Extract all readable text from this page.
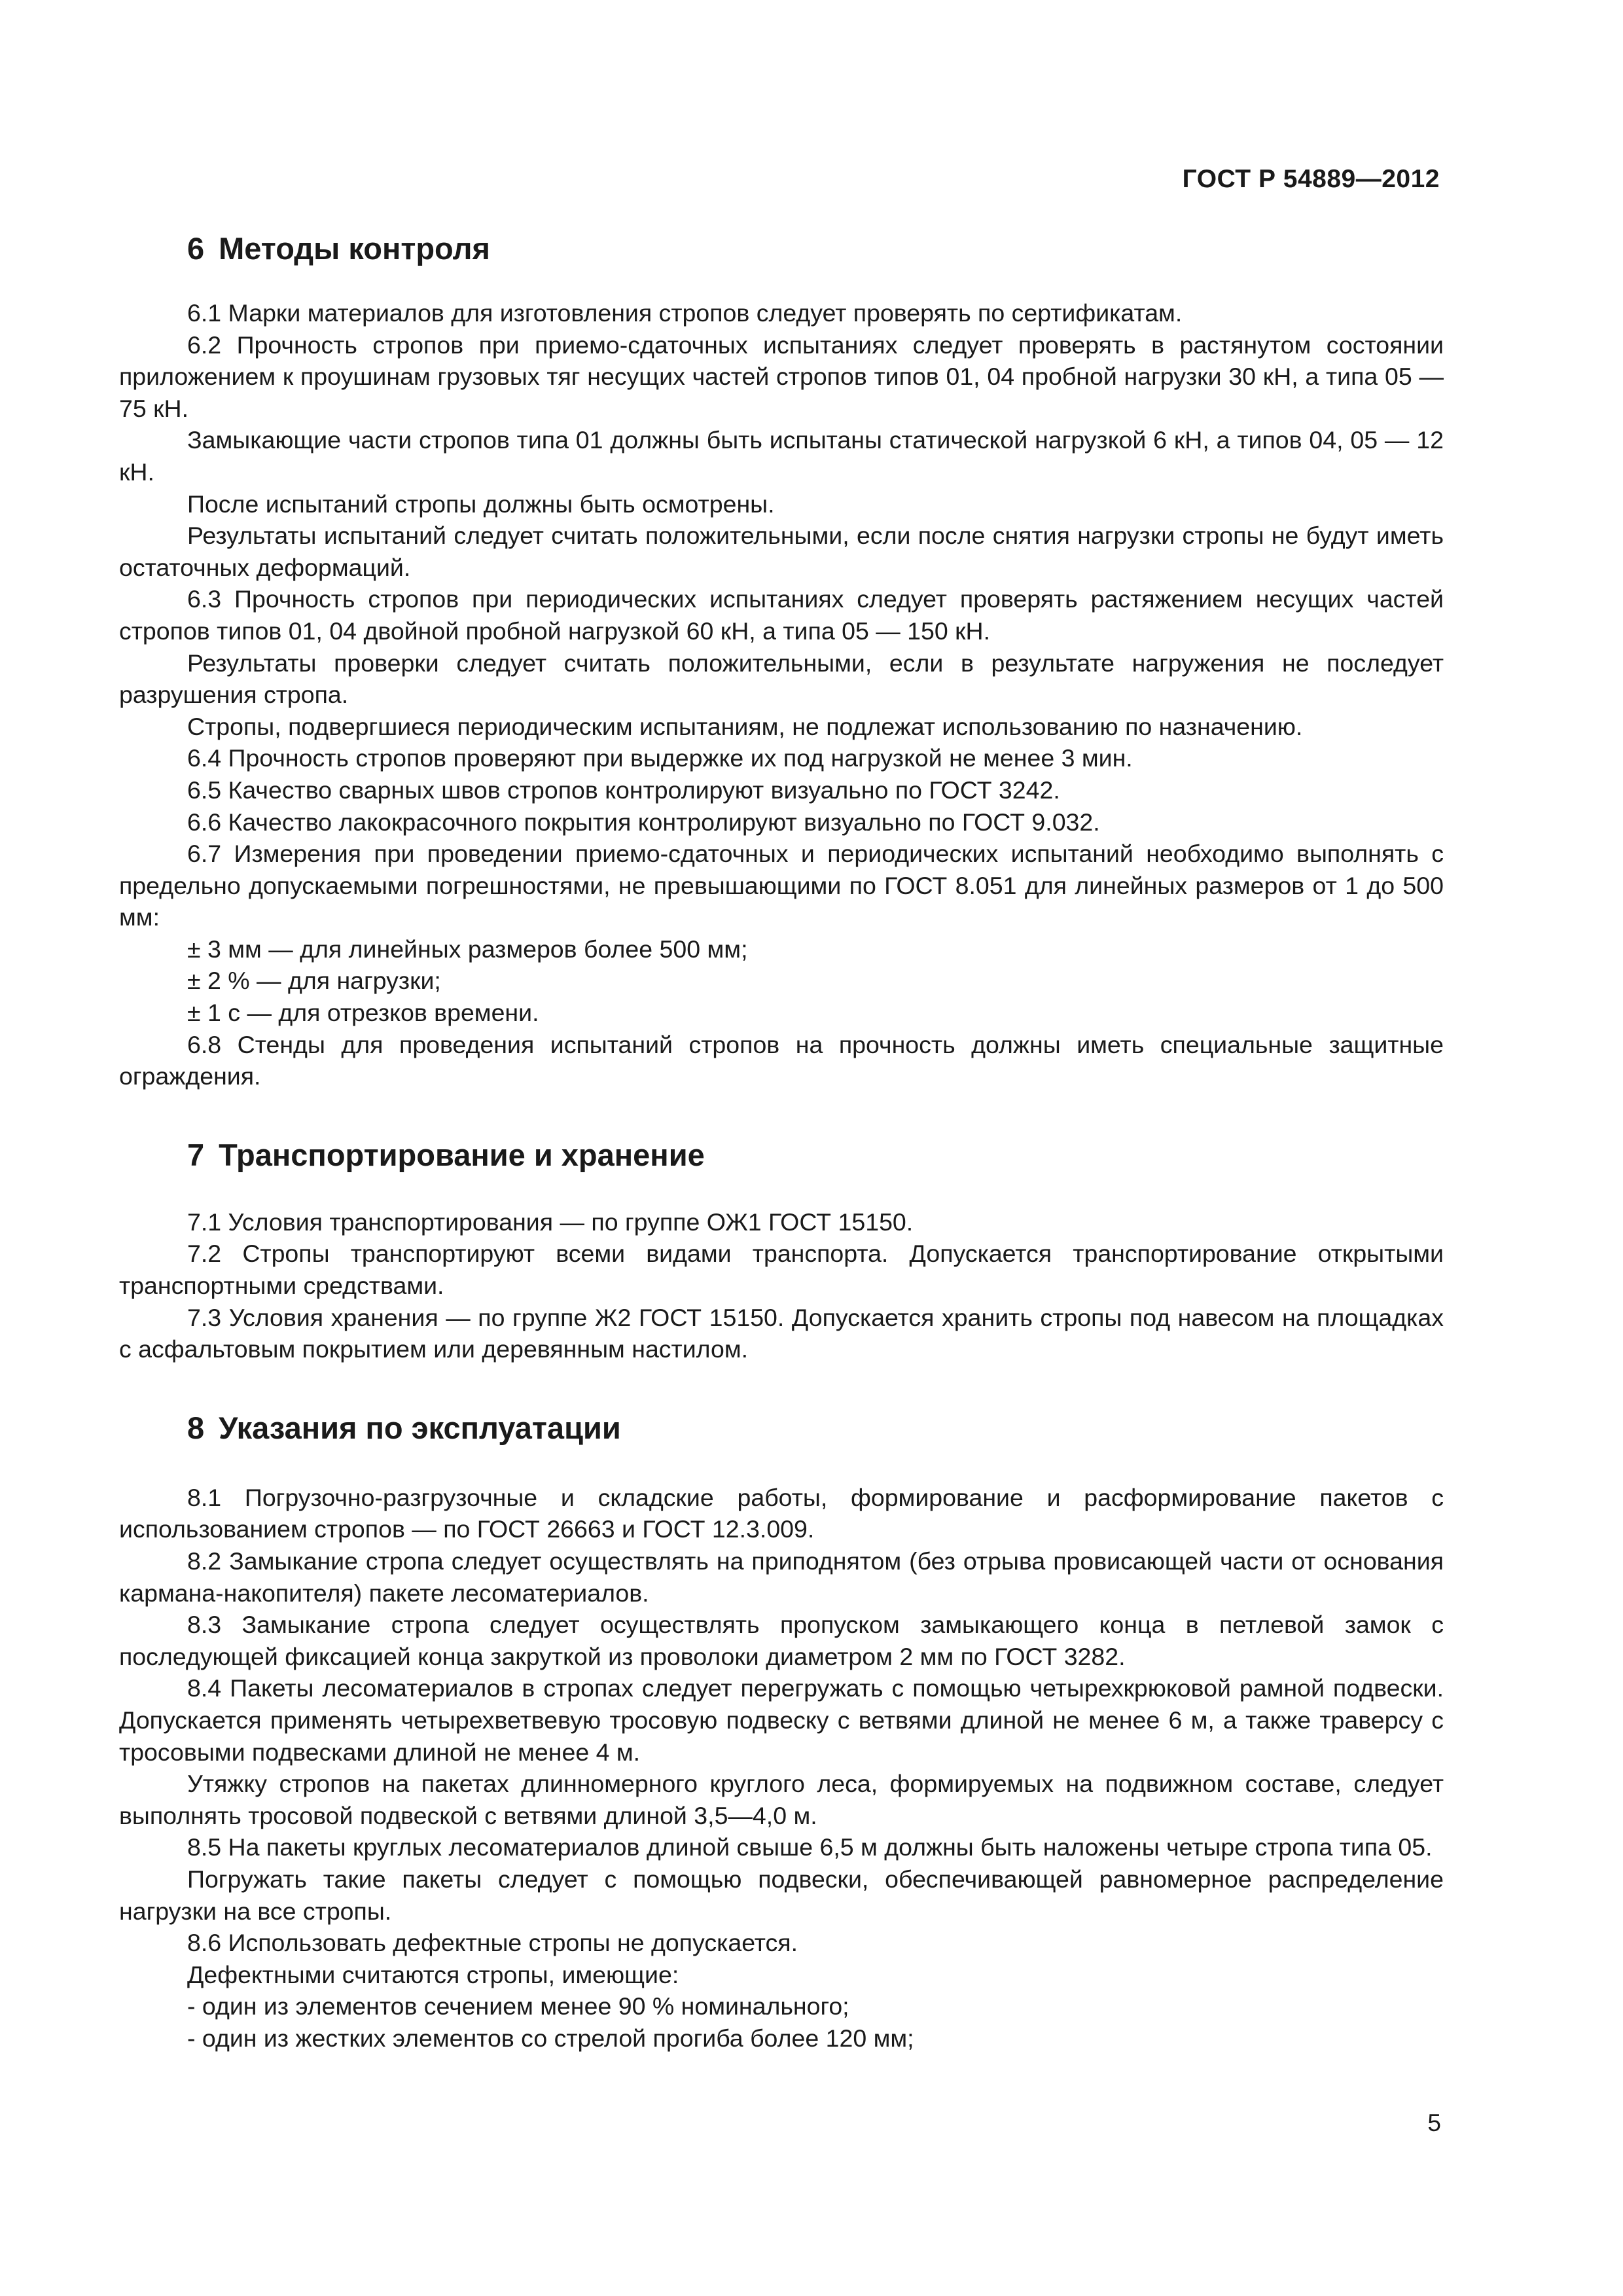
ГОСТ Р 54889—2012
6 Методы контроля

6.1 Марки материалов для изготовления стропов следует проверять по сертификатам.

6.2 Прочность стропов при приемо-сдаточных испытаниях следует проверять в растянутом состоянии приложением к проушинам грузовых тяг несущих частей стропов типов 01, 04 пробной нагрузки 30 кН, а типа 05 — 75 кН.

Замыкающие части стропов типа 01 должны быть испытаны статической нагрузкой 6 кН, а типов 04, 05 — 12 кН.

После испытаний стропы должны быть осмотрены.

Результаты испытаний следует считать положительными, если после снятия нагрузки стропы не будут иметь остаточных деформаций.

6.3 Прочность стропов при периодических испытаниях следует проверять растяжением несущих частей стропов типов 01, 04 двойной пробной нагрузкой 60 кН, а типа 05 — 150 кН.

Результаты проверки следует считать положительными, если в результате нагружения не последует разрушения стропа.

Стропы, подвергшиеся периодическим испытаниям, не подлежат использованию по назначению.

6.4 Прочность стропов проверяют при выдержке их под нагрузкой не менее 3 мин.

6.5 Качество сварных швов стропов контролируют визуально по ГОСТ 3242.

6.6 Качество лакокрасочного покрытия контролируют визуально по ГОСТ 9.032.

6.7 Измерения при проведении приемо-сдаточных и периодических испытаний необходимо выполнять с предельно допускаемыми погрешностями, не превышающими по ГОСТ 8.051 для линейных размеров от 1 до 500 мм:

± 3 мм — для линейных размеров более 500 мм;

± 2 % — для нагрузки;

± 1 с — для отрезков времени.

6.8 Стенды для проведения испытаний стропов на прочность должны иметь специальные защитные ограждения.

7 Транспортирование и хранение

7.1 Условия транспортирования — по группе ОЖ1 ГОСТ 15150.

7.2 Стропы транспортируют всеми видами транспорта. Допускается транспортирование открытыми транспортными средствами.

7.3 Условия хранения — по группе Ж2 ГОСТ 15150. Допускается хранить стропы под навесом на площадках с асфальтовым покрытием или деревянным настилом.

8 Указания по эксплуатации

8.1 Погрузочно-разгрузочные и складские работы, формирование и расформирование пакетов с использованием стропов — по ГОСТ 26663 и ГОСТ 12.3.009.

8.2 Замыкание стропа следует осуществлять на приподнятом (без отрыва провисающей части от основания кармана-накопителя) пакете лесоматериалов.

8.3 Замыкание стропа следует осуществлять пропуском замыкающего конца в петлевой замок с последующей фиксацией конца закруткой из проволоки диаметром 2 мм по ГОСТ 3282.

8.4 Пакеты лесоматериалов в стропах следует перегружать с помощью четырехкрюковой рамной подвески. Допускается применять четырехветвевую тросовую подвеску с ветвями длиной не менее 6 м, а также траверсу с тросовыми подвесками длиной не менее 4 м.

Утяжку стропов на пакетах длинномерного круглого леса, формируемых на подвижном составе, следует выполнять тросовой подвеской с ветвями длиной 3,5—4,0 м.

8.5 На пакеты круглых лесоматериалов длиной свыше 6,5 м должны быть наложены четыре стропа типа 05.

Погружать такие пакеты следует с помощью подвески, обеспечивающей равномерное распределение нагрузки на все стропы.

8.6 Использовать дефектные стропы не допускается.

Дефектными считаются стропы, имеющие:

- один из элементов сечением менее 90 % номинального;

- один из жестких элементов со стрелой прогиба более 120 мм;

5
